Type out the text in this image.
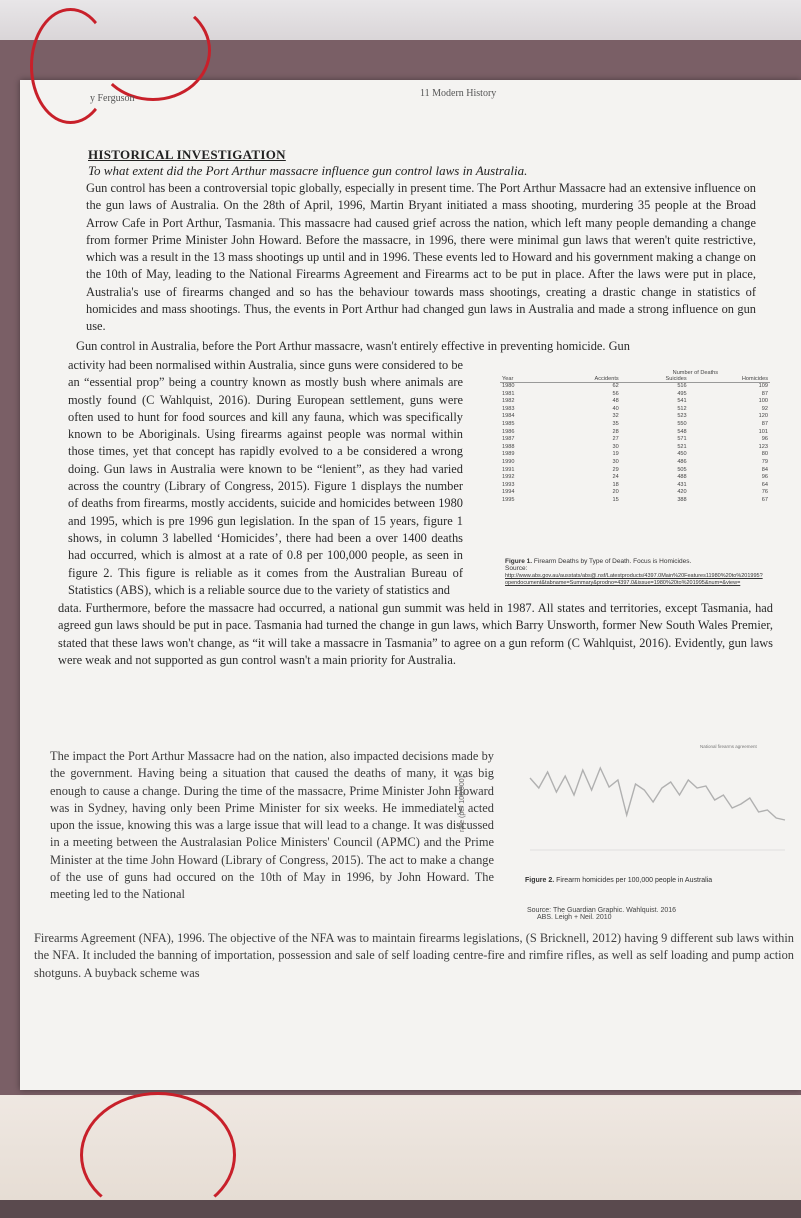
y Ferguson	11 Modern History
HISTORICAL INVESTIGATION
To what extent did the Port Arthur massacre influence gun control laws in Australia.

Gun control has been a controversial topic globally, especially in present time. The Port Arthur Massacre had an extensive influence on the gun laws of Australia. On the 28th of April, 1996, Martin Bryant initiated a mass shooting, murdering 35 people at the Broad Arrow Cafe in Port Arthur, Tasmania. This massacre had caused grief across the nation, which left many people demanding a change from former Prime Minister John Howard. Before the massacre, in 1996, there were minimal gun laws that weren't quite restrictive, which was a result in the 13 mass shootings up until and in 1996. These events led to Howard and his government making a change on the 10th of May, leading to the National Firearms Agreement and Firearms act to be put in place. After the laws were put in place, Australia's use of firearms changed and so has the behaviour towards mass shootings, creating a drastic change in statistics of homicides and mass shootings. Thus, the events in Port Arthur had changed gun laws in Australia and made a strong influence on gun use.

Gun control in Australia, before the Port Arthur massacre, wasn't entirely effective in preventing homicide. Gun

activity had been normalised within Australia, since guns were considered to be an “essential prop” being a country known as mostly bush where animals are mostly found (C Wahlquist, 2016). During European settlement, guns were often used to hunt for food sources and kill any fauna, which was specifically known to be Aboriginals. Using firearms against people was normal within those times, yet that concept has rapidly evolved to a be considered a wrong doing. Gun laws in Australia were known to be “lenient”, as they had varied across the country (Library of Congress, 2015). Figure 1 displays the number of deaths from firearms, mostly accidents, suicide and homicides between 1980 and 1995, which is pre 1996 gun legislation. In the span of 15 years, figure 1 shows, in column 3 labelled ‘Homicides’, there had been a over 1400 deaths had occurred, which is almost at a rate of 0.8 per 100,000 people, as seen in figure 2. This figure is reliable as it comes from the Australian Bureau of Statistics (ABS), which is a reliable source due to the variety of statistics and

data. Furthermore, before the massacre had occurred, a national gun summit was held in 1987. All states and territories, except Tasmania, had agreed gun laws should be put in pace. Tasmania had turned the change in gun laws, which Barry Unsworth, former New South Wales Premier, stated that these laws won't change, as “it will take a massacre in Tasmania” to agree on a gun reform (C Wahlquist, 2016). Evidently, gun laws were weak and not supported as gun control wasn't a main priority for Australia.

		Number of Deaths	
Year	Accidents	Suicides	Homicides
1980	62	516	109
1981	56	495	87
1982	48	541	100
1983	40	512	92
1984	32	523	120
1985	35	550	87
1986	28	548	101
1987	27	571	96
1988	30	521	123
1989	19	450	80
1990	30	486	79
1991	29	505	84
1992	24	488	96
1993	18	431	64
1994	20	420	76
1995	15	388	67
Figure 1. Firearm Deaths by Type of Death. Focus is Homicides.
Source:
http://www.abs.gov.au/ausstats/abs@.nsf/Latestproducts/4397.0Main%20Features11980%20to%201995?opendocument&tabname=Summary&prodno=4397.0&issue=1980%20to%201995&num=&view=

The impact the Port Arthur Massacre had on the nation, also impacted decisions made by the government. Having being a situation that caused the deaths of many, it was big enough to cause a change. During the time of the massacre, Prime Minister John Howard was in Sydney, having only been Prime Minister for six weeks. He immediately acted upon the issue, knowing this was a large issue that will lead to a change. It was discussed in a meeting between the Australasian Police Ministers' Council (APMC) and the Prime Minister at the time John Howard (Library of Congress, 2015). The act to make a change of the use of guns had occured on the 10th of May in 1996, by John Howard. The meeting led to the National

rate (per 100,000)
National firearms agreement
Figure 2. Firearm homicides per 100,000 people in Australia
Source: The Guardian Graphic. Wahlquist. 2016
ABS. Leigh + Neil. 2010

Firearms Agreement (NFA), 1996. The objective of the NFA was to maintain firearms legislations, (S Bricknell, 2012) having 9 different sub laws within the NFA. It included the banning of importation, possession and sale of self loading centre-fire and rimfire rifles, as well as self loading and pump action shotguns. A buyback scheme was
